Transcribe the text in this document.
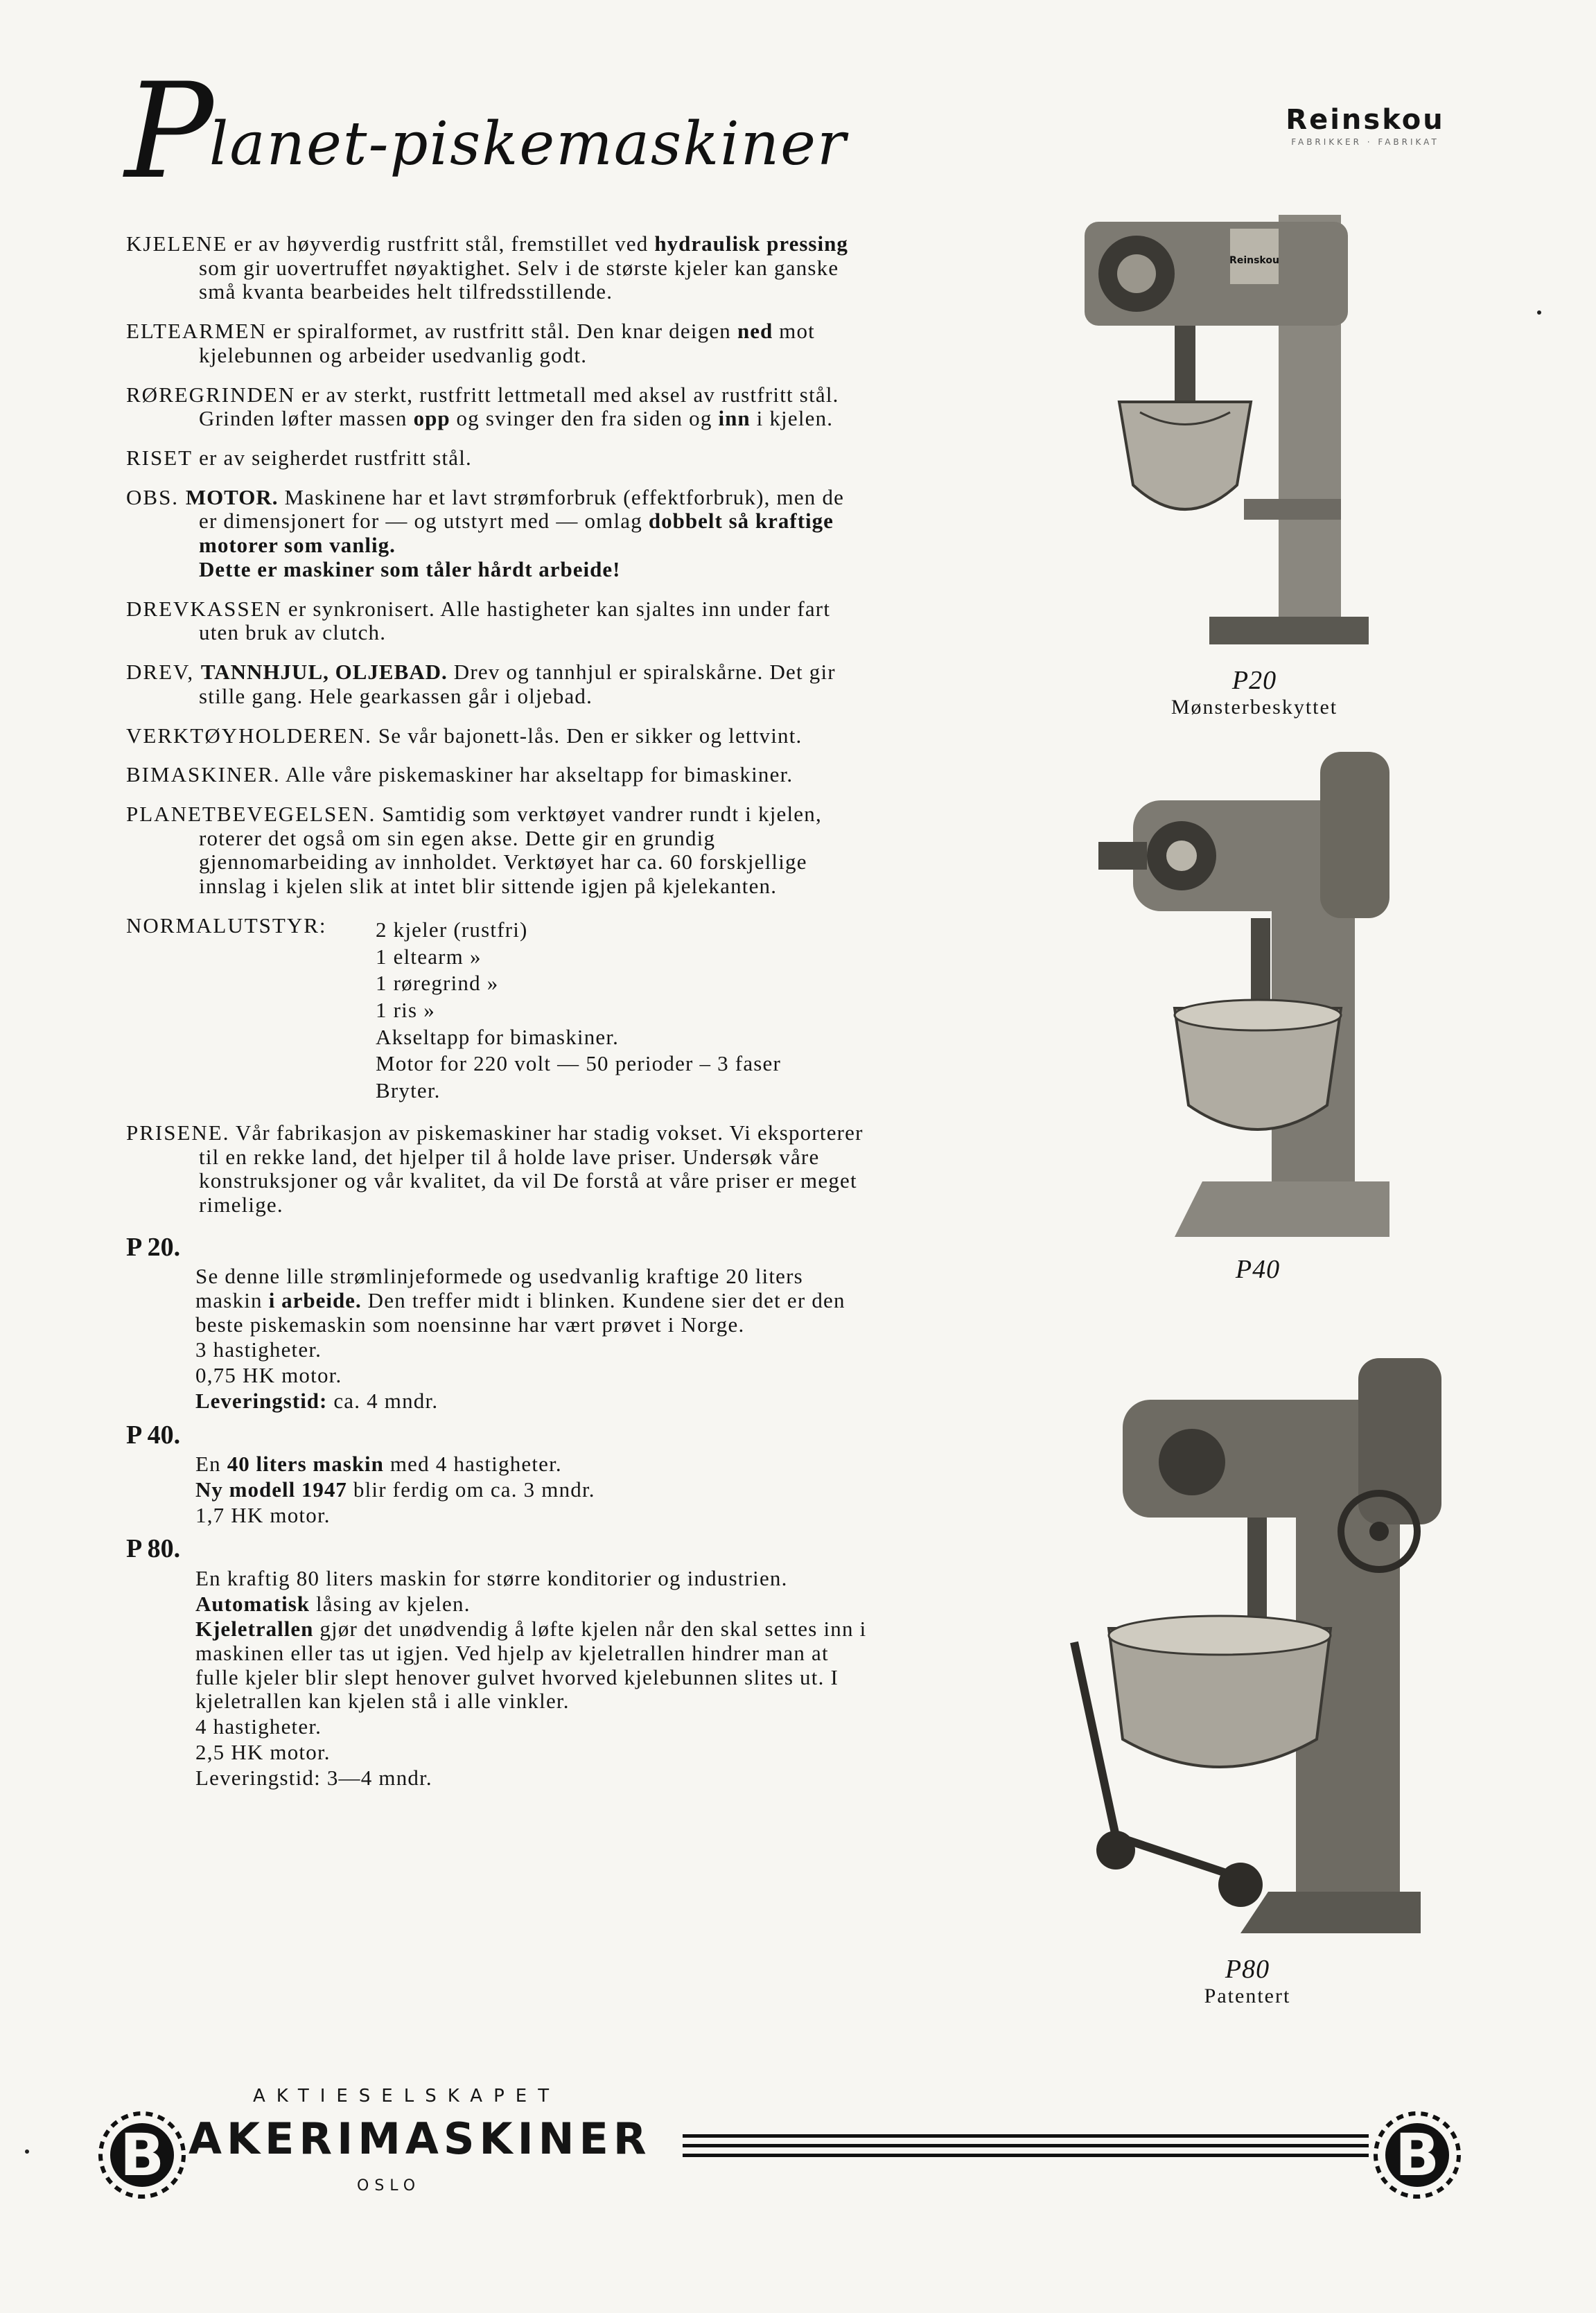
Planet-piskemaskiner	Reinskou
FABRIKKER · FABRIKAT

KJELENE er av høyverdig rustfritt stål, fremstillet ved hydraulisk pressing som gir uovertruffet nøyaktighet. Selv i de største kjeler kan ganske små kvanta bearbeides helt tilfredsstillende.

ELTEARMEN er spiralformet, av rustfritt stål. Den knar deigen ned mot kjelebunnen og arbeider usedvanlig godt.

RØREGRINDEN er av sterkt, rustfritt lettmetall med aksel av rustfritt stål. Grinden løfter massen opp og svinger den fra siden og inn i kjelen.

RISET er av seigherdet rustfritt stål.

OBS. MOTOR. Maskinene har et lavt strømforbruk (effektforbruk), men de er dimensjonert for — og utstyrt med — omlag dobbelt så kraftige motorer som vanlig.
Dette er maskiner som tåler hårdt arbeide!

DREVKASSEN er synkronisert. Alle hastigheter kan sjaltes inn under fart uten bruk av clutch.

DREV, TANNHJUL, OLJEBAD. Drev og tannhjul er spiralskårne. Det gir stille gang. Hele gearkassen går i oljebad.

VERKTØYHOLDEREN. Se vår bajonett-lås. Den er sikker og lettvint.

BIMASKINER. Alle våre piskemaskiner har akseltapp for bimaskiner.

PLANETBEVEGELSEN. Samtidig som verktøyet vandrer rundt i kjelen, roterer det også om sin egen akse. Dette gir en grundig gjennomarbeiding av innholdet. Verktøyet har ca. 60 forskjellige innslag i kjelen slik at intet blir sittende igjen på kjelekanten.

NORMALUTSTYR:	2 kjeler (rustfri)
1 eltearm »
1 røregrind »
1 ris »
Akseltapp for bimaskiner.
Motor for 220 volt — 50 perioder – 3 faser
Bryter.

PRISENE. Vår fabrikasjon av piskemaskiner har stadig vokset. Vi eksporterer til en rekke land, det hjelper til å holde lave priser. Undersøk våre konstruksjoner og vår kvalitet, da vil De forstå at våre priser er meget rimelige.

P 20.
Se denne lille strømlinjeformede og usedvanlig kraftige 20 liters maskin i arbeide. Den treffer midt i blinken. Kundene sier det er den beste piskemaskin som noensinne har vært prøvet i Norge.
3 hastigheter.
0,75 HK motor.
Leveringstid: ca. 4 mndr.
P 40.
En 40 liters maskin med 4 hastigheter.
Ny modell 1947 blir ferdig om ca. 3 mndr.
1,7 HK motor.
P 80.
En kraftig 80 liters maskin for større konditorier og industrien.
Automatisk låsing av kjelen.
Kjeletrallen gjør det unødvendig å løfte kjelen når den skal settes inn i maskinen eller tas ut igjen. Ved hjelp av kjeletrallen hindrer man at fulle kjeler blir slept henover gulvet hvorved kjelebunnen slites ut. I kjeletrallen kan kjelen stå i alle vinkler.
4 hastigheter.
2,5 HK motor.
Leveringstid: 3—4 mndr.
Reinskou
P20
Mønsterbeskyttet
P40
P80
Patentert
B
AKTIESELSKAPET
AKERIMASKINER
OSLO	B
